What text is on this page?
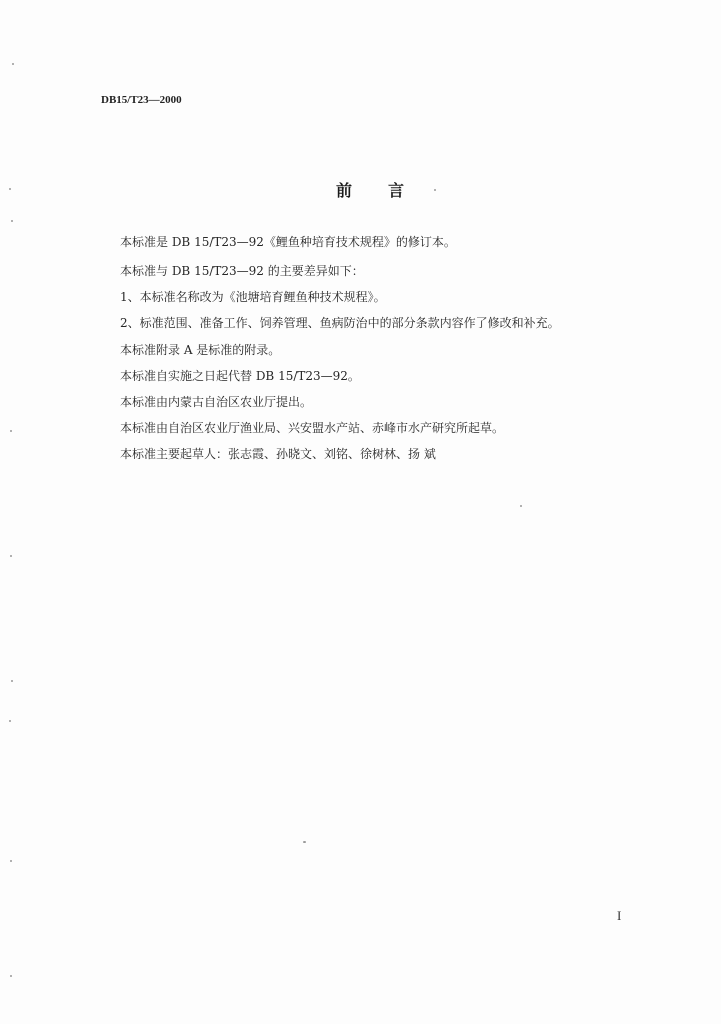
DB15/T23—2000
前 言
本标准是 DB 15/T23—92《鲤鱼种培育技术规程》的修订本。
本标准与 DB 15/T23—92 的主要差异如下：
1、本标准名称改为《池塘培育鲤鱼种技术规程》。
2、标准范围、准备工作、饲养管理、鱼病防治中的部分条款内容作了修改和补充。
本标准附录 A 是标准的附录。
本标准自实施之日起代替 DB 15/T23—92。
本标准由内蒙古自治区农业厅提出。
本标准由自治区农业厅渔业局、兴安盟水产站、赤峰市水产研究所起草。
本标准主要起草人：张志霞、孙晓文、刘铭、徐树林、扬 斌
I
